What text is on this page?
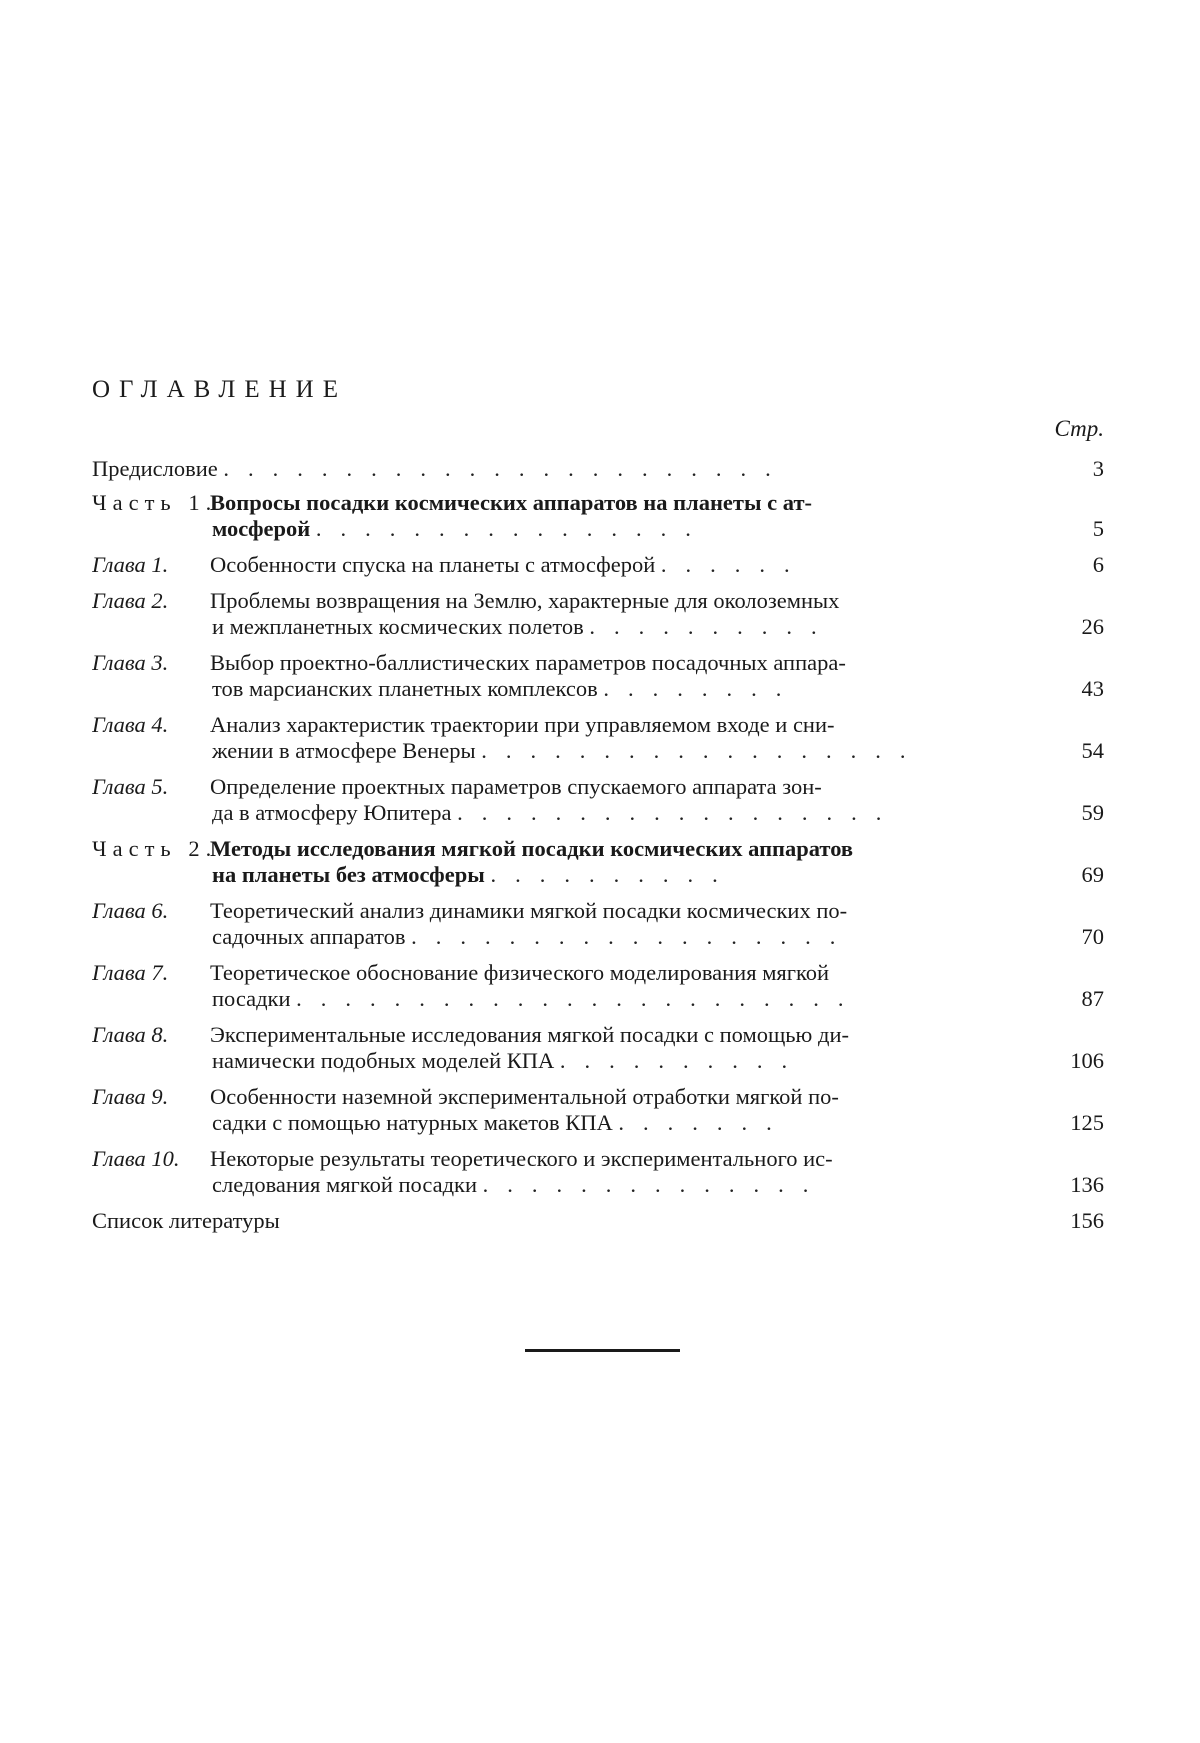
ОГЛАВЛЕНИЕ
Стр.
Предисловие .......................	3
Часть 1.Вопросы посадки космических аппаратов на планеты с ат-
мосферой ................	5
Глава 1. Особенности спуска на планеты с атмосферой ......	6
Глава 2. Проблемы возвращения на Землю, характерные для околоземных
и межпланетных космических полетов ..........	26
Глава 3. Выбор проектно-баллистических параметров посадочных аппара-
тов марсианских планетных комплексов ........	43
Глава 4. Анализ характеристик траектории при управляемом входе и сни-
жении в атмосфере Венеры ..................	54
Глава 5. Определение проектных параметров спускаемого аппарата зон-
да в атмосферу Юпитера ..................	59
Часть 2.Методы исследования мягкой посадки космических аппаратов
на планеты без атмосферы ..........	69
Глава 6. Теоретический анализ динамики мягкой посадки космических по-
садочных аппаратов ..................	70
Глава 7. Теоретическое обоснование физического моделирования мягкой
посадки .......................	87
Глава 8. Экспериментальные исследования мягкой посадки с помощью ди-
намически подобных моделей КПА ..........	106
Глава 9. Особенности наземной экспериментальной отработки мягкой по-
садки с помощью натурных макетов КПА .......	125
Глава 10. Некоторые результаты теоретического и экспериментального ис-
следования мягкой посадки ..............	136
Список литературы	156
